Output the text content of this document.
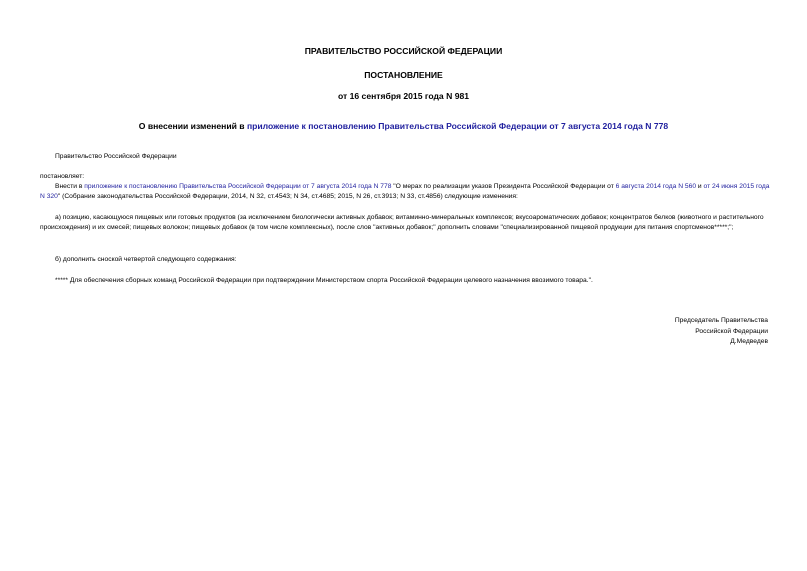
ПРАВИТЕЛЬСТВО РОССИЙСКОЙ ФЕДЕРАЦИИ

ПОСТАНОВЛЕНИЕ

от 16 сентября 2015 года N 981

О внесении изменений в приложение к постановлению Правительства Российской Федерации от 7 августа 2014 года N 778

Правительство Российской Федерации

постановляет:

Внести в приложение к постановлению Правительства Российской Федерации от 7 августа 2014 года N 778 "О мерах по реализации указов Президента Российской Федерации от 6 августа 2014 года N 560 и от 24 июня 2015 года N 320" (Собрание законодательства Российской Федерации, 2014, N 32, ст.4543; N 34, ст.4685; 2015, N 26, ст.3913; N 33, ст.4856) следующие изменения:

а) позицию, касающуюся пищевых или готовых продуктов (за исключением биологически активных добавок; витаминно-минеральных комплексов; вкусоароматических добавок; концентратов белков (животного и растительного происхождения) и их смесей; пищевых волокон; пищевых добавок (в том числе комплексных), после слов "активных добавок;" дополнить словами "специализированной пищевой продукции для питания спортсменов*****;";

б) дополнить сноской четвертой следующего содержания:

***** Для обеспечения сборных команд Российской Федерации при подтверждении Министерством спорта Российской Федерации целевого назначения ввозимого товара.".

Председатель Правительства
Российской Федерации
Д.Медведев
